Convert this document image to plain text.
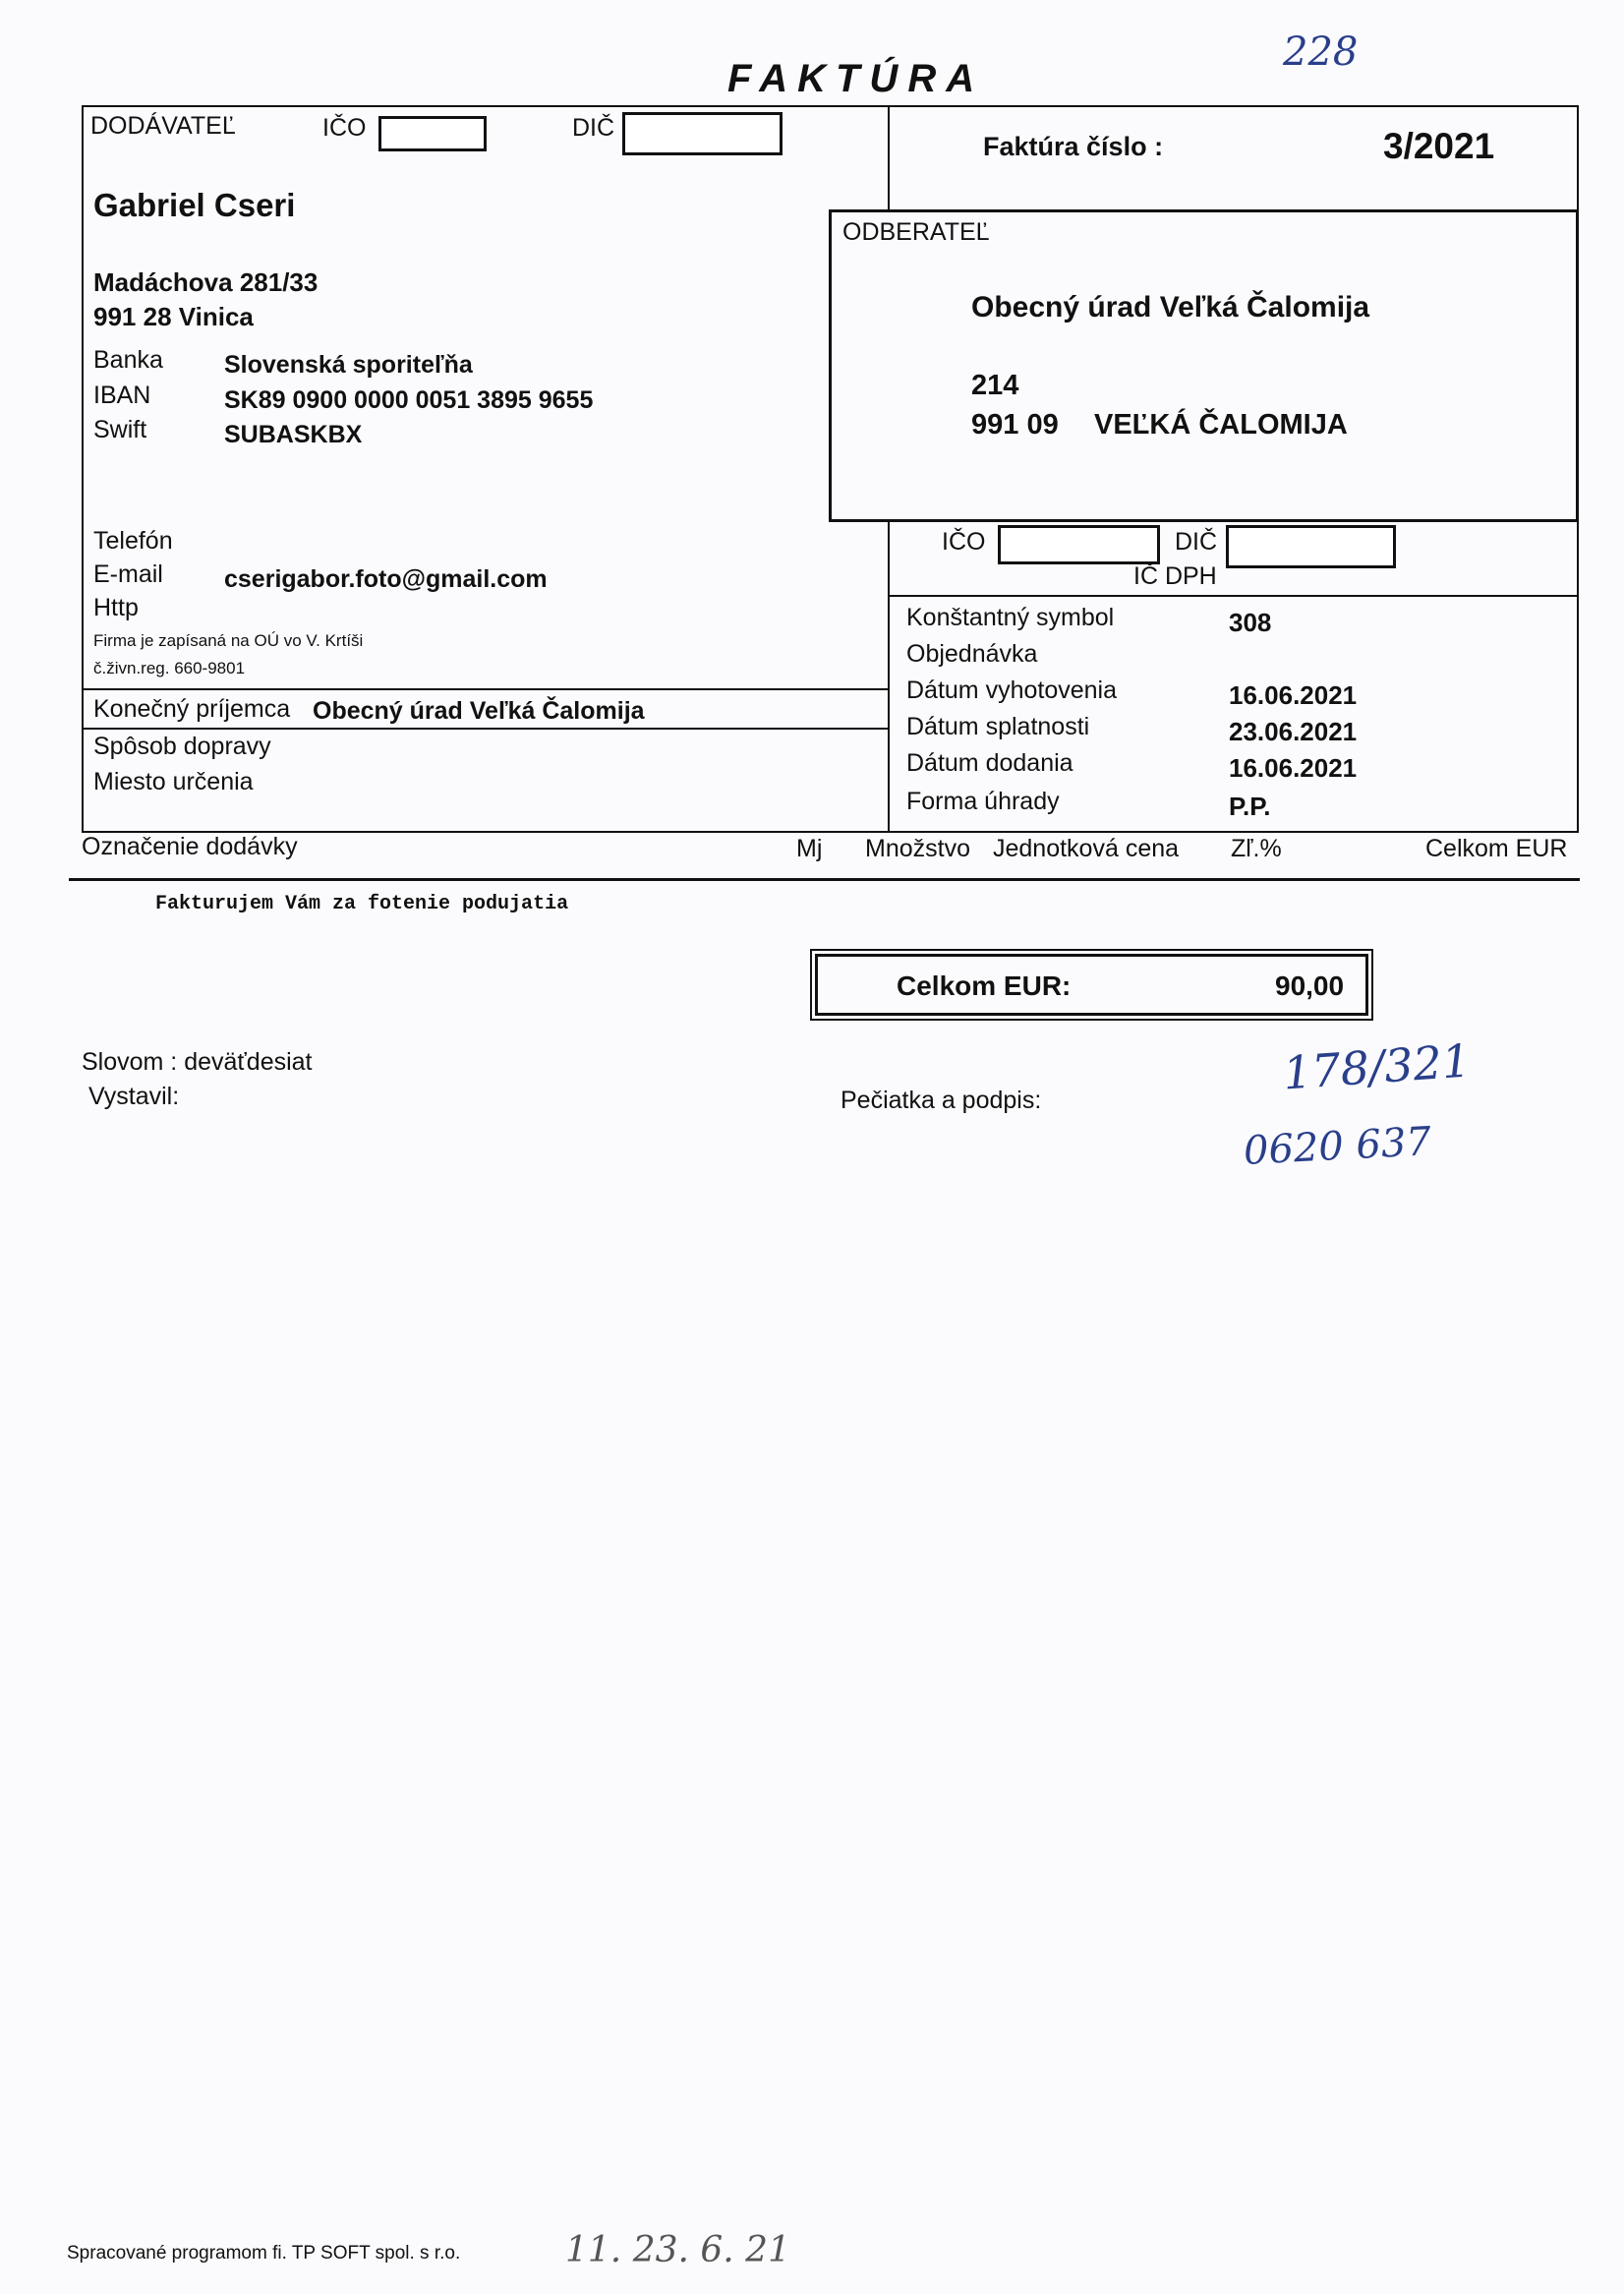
FAKTÚRA
228
DODÁVATEĽ	IČO	DIČ
Gabriel Cseri
Madáchova 281/33
991 28 Vinica
Banka Slovenská sporiteľňa
IBAN	SK89 0900 0000 0051 3895 9655
Swift	SUBASKBX
Telefón
E-mail cserigabor.foto@gmail.com
Http
Firma je zapísaná na OÚ vo V. Krtíši
č.živn.reg. 660-9801
Konečný príjemca Obecný úrad Veľká Čalomija
Spôsob dopravy
Miesto určenia
Faktúra číslo :	3/2021
ODBERATEĽ
Obecný úrad Veľká Čalomija
214
991 09 VEĽKÁ ČALOMIJA
IČO	DIČ
IČ DPH
Konštantný symbol	308
Objednávka
Dátum vyhotovenia	16.06.2021
Dátum splatnosti	23.06.2021
Dátum dodania	16.06.2021
Forma úhrady	P.P.
Označenie dodávky	Mj Množstvo Jednotková cena Zľ.%	Celkom EUR
Fakturujem Vám za fotenie podujatia
Celkom EUR:	90,00
Slovom : deväťdesiat
Vystavil:	Pečiatka a podpis:
178/321
0620 637
11. 23. 6. 21
Spracované programom fi. TP SOFT spol. s r.o.
